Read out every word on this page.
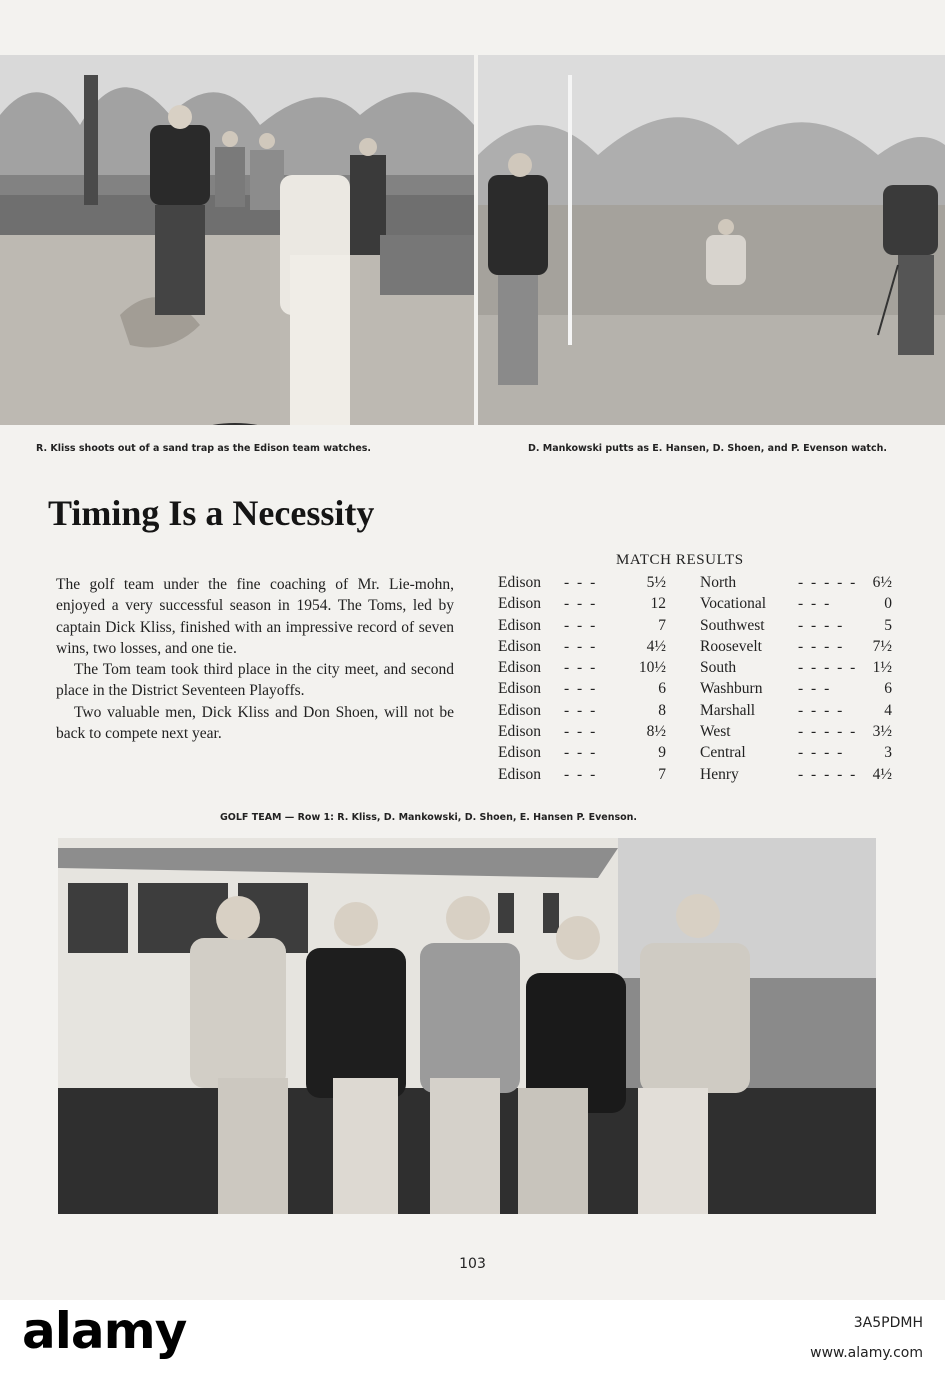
R. Kliss shoots out of a sand trap as the Edison team watches.	D. Mankowski putts as E. Hansen, D. Shoen, and P. Evenson watch.
Timing Is a Necessity

The golf team under the fine coaching of Mr. Lie-mohn, enjoyed a very successful season in 1954. The Toms, led by captain Dick Kliss, finished with an impressive record of seven wins, two losses, and one tie.

The Tom team took third place in the city meet, and second place in the District Seventeen Playoffs.

Two valuable men, Dick Kliss and Don Shoen, will not be back to compete next year.

MATCH RESULTS
Edison - - -	5½ North	- - - - - 6½
Edison - - -	12 Vocational - - -	0
Edison - - -	7 Southwest - - - -	5
Edison - - -	4½ Roosevelt - - - - 7½
Edison - - -	10½ South	- - - - - 1½
Edison - - -	6 Washburn - - -	6
Edison - - -	8 Marshall	- - - -	4
Edison - - -	8½ West	- - - - - 3½
Edison - - -	9 Central	- - - -	3
Edison - - -	7 Henry	- - - - - 4½
GOLF TEAM — Row 1: R. Kliss, D. Mankowski, D. Shoen, E. Hansen P. Evenson.
103
alamy	3A5PDMH
www.alamy.com
